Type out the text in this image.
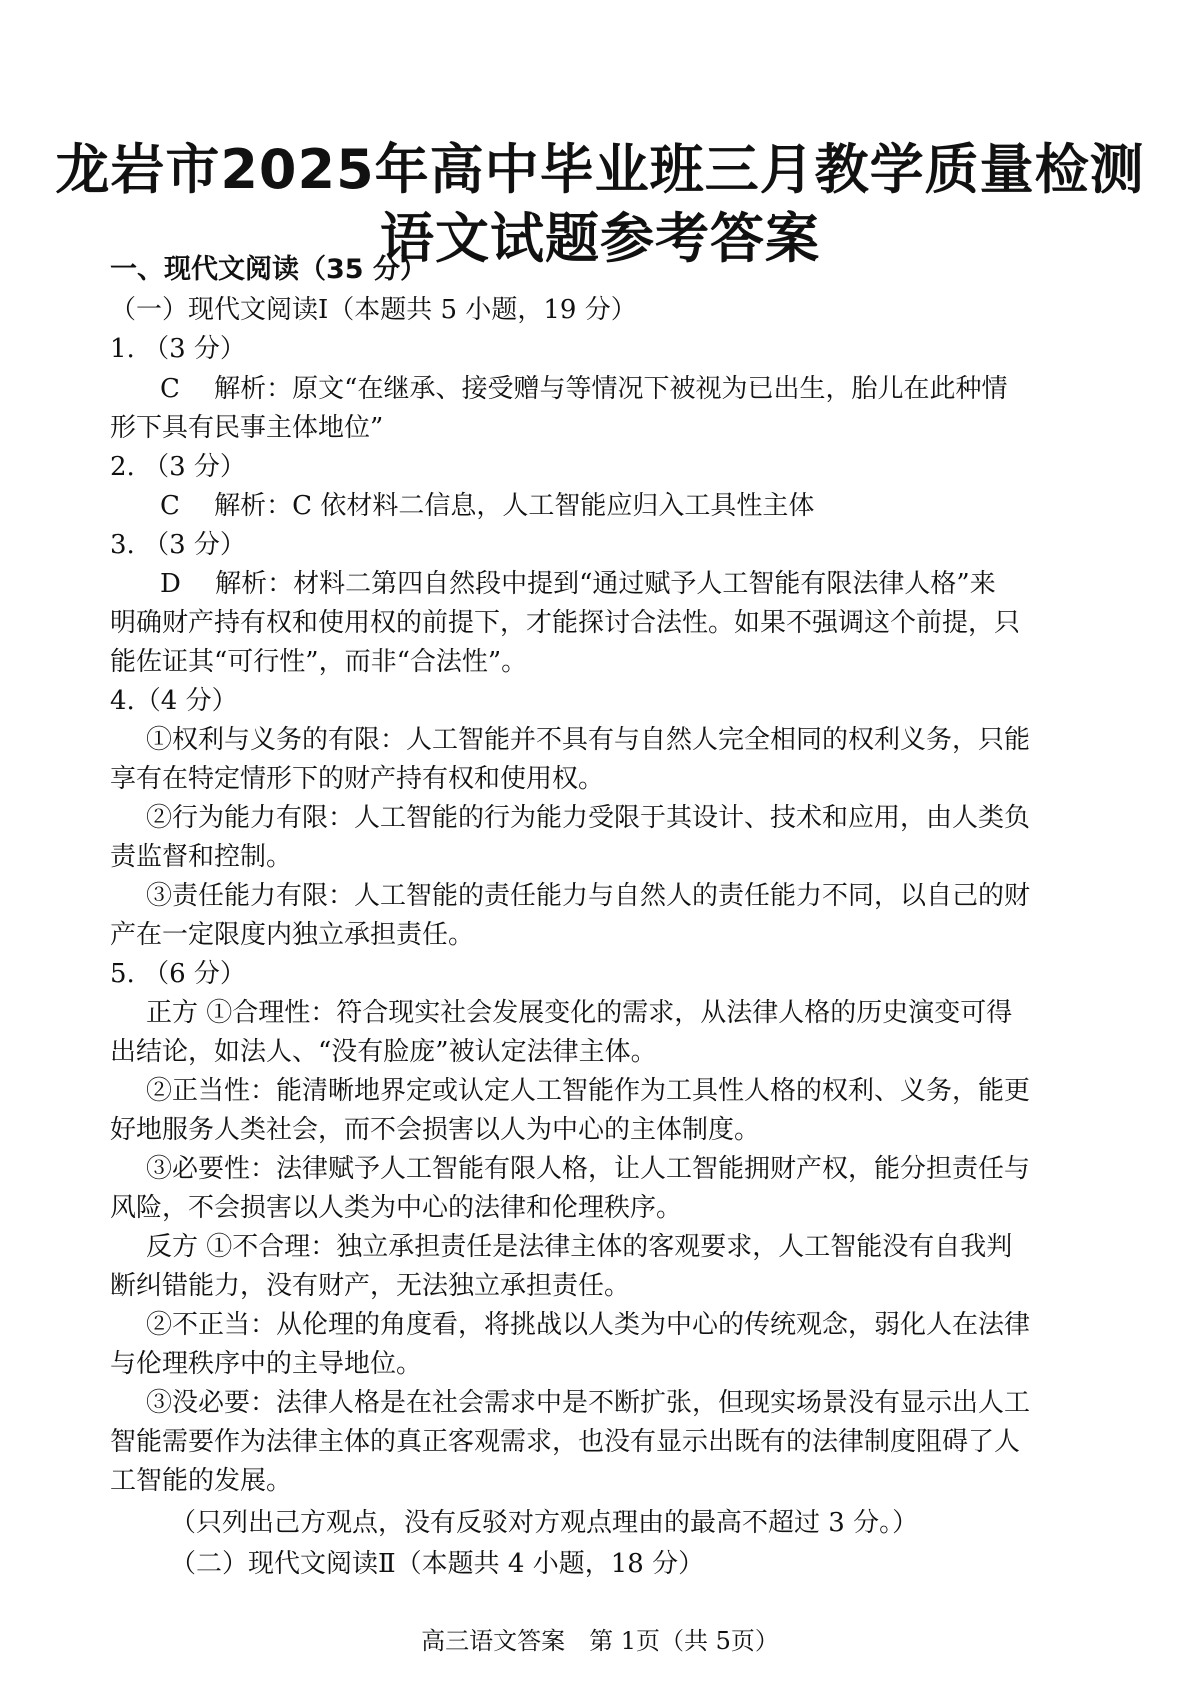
龙岩市2025年高中毕业班三月教学质量检测
语文试题参考答案
一、现代文阅读（35 分）
（一）现代文阅读Ⅰ（本题共 5 小题，19 分）
1. （3 分）
C　 解析：原文“在继承、接受赠与等情况下被视为已出生，胎儿在此种情
形下具有民事主体地位”
2. （3 分）
C　 解析：C 依材料二信息，人工智能应归入工具性主体
3. （3 分）
D　 解析：材料二第四自然段中提到“通过赋予人工智能有限法律人格”来
明确财产持有权和使用权的前提下，才能探讨合法性。如果不强调这个前提，只
能佐证其“可行性”，而非“合法性”。
4.（4 分）
①权利与义务的有限：人工智能并不具有与自然人完全相同的权利义务，只能
享有在特定情形下的财产持有权和使用权。
②行为能力有限：人工智能的行为能力受限于其设计、技术和应用，由人类负
责监督和控制。
③责任能力有限：人工智能的责任能力与自然人的责任能力不同，以自己的财
产在一定限度内独立承担责任。
5. （6 分）
正方 ①合理性：符合现实社会发展变化的需求，从法律人格的历史演变可得
出结论，如法人、“没有脸庞”被认定法律主体。
②正当性：能清晰地界定或认定人工智能作为工具性人格的权利、义务，能更
好地服务人类社会，而不会损害以人为中心的主体制度。
③必要性：法律赋予人工智能有限人格，让人工智能拥财产权，能分担责任与
风险，不会损害以人类为中心的法律和伦理秩序。
反方 ①不合理：独立承担责任是法律主体的客观要求，人工智能没有自我判
断纠错能力，没有财产，无法独立承担责任。
②不正当：从伦理的角度看，将挑战以人类为中心的传统观念，弱化人在法律
与伦理秩序中的主导地位。
③没必要：法律人格是在社会需求中是不断扩张，但现实场景没有显示出人工
智能需要作为法律主体的真正客观需求，也没有显示出既有的法律制度阻碍了人
工智能的发展。
（只列出己方观点，没有反驳对方观点理由的最高不超过 3 分。）
（二）现代文阅读Ⅱ（本题共 4 小题，18 分）
高三语文答案　第 1页（共 5页）
